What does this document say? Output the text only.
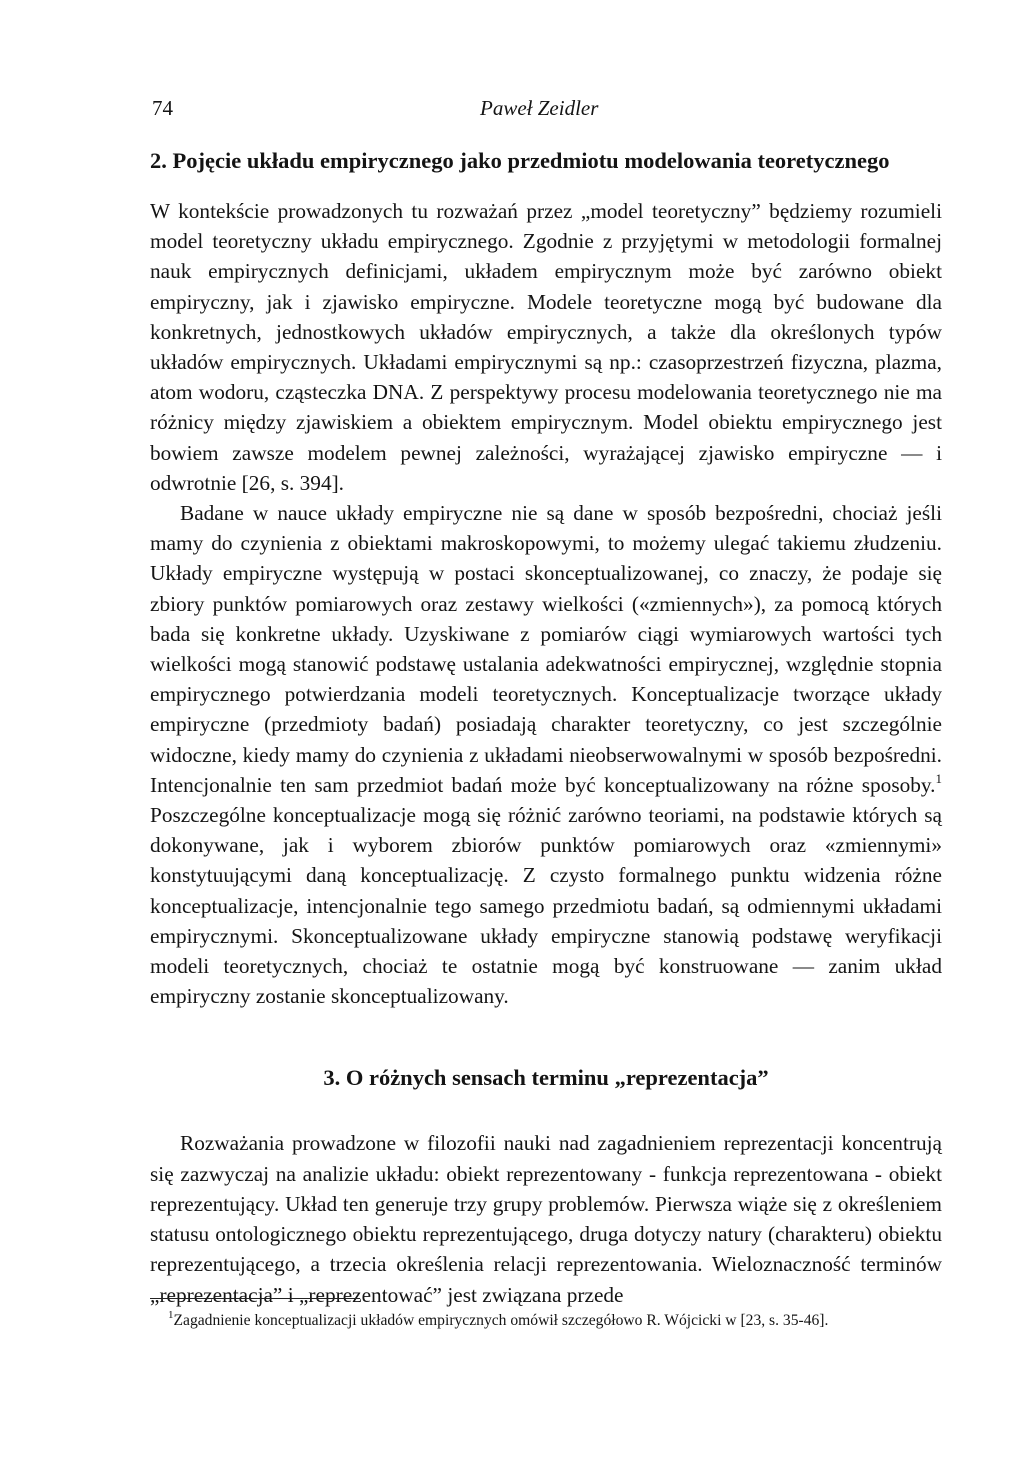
74	Paweł Zeidler
2. Pojęcie układu empirycznego jako przedmiotu modelowania teoretycznego

W kontekście prowadzonych tu rozważań przez „model teoretyczny” będziemy rozumieli model teoretyczny układu empirycznego. Zgodnie z przyjętymi w metodologii formalnej nauk empirycznych definicjami, układem empirycznym może być zarówno obiekt empiryczny, jak i zjawisko empiryczne. Modele teoretyczne mogą być budowane dla konkretnych, jednostkowych układów empirycznych, a także dla określonych typów układów empirycznych. Układami empirycznymi są np.: czasoprzestrzeń fizyczna, plazma, atom wodoru, cząsteczka DNA. Z perspektywy procesu modelowania teoretycznego nie ma różnicy między zjawiskiem a obiektem empirycznym. Model obiektu empirycznego jest bowiem zawsze modelem pewnej zależności, wyrażającej zjawisko empiryczne — i odwrotnie [26, s. 394].

Badane w nauce układy empiryczne nie są dane w sposób bezpośredni, chociaż jeśli mamy do czynienia z obiektami makroskopowymi, to możemy ulegać takiemu złudzeniu. Układy empiryczne występują w postaci skonceptualizowanej, co znaczy, że podaje się zbiory punktów pomiarowych oraz zestawy wielkości («zmiennych»), za pomocą których bada się konkretne układy. Uzyskiwane z pomiarów ciągi wymiarowych wartości tych wielkości mogą stanowić podstawę ustalania adekwatności empirycznej, względnie stopnia empirycznego potwierdzania modeli teoretycznych. Konceptualizacje tworzące układy empiryczne (przedmioty badań) posiadają charakter teoretyczny, co jest szczególnie widoczne, kiedy mamy do czynienia z układami nieobserwowalnymi w sposób bezpośredni. Intencjonalnie ten sam przedmiot badań może być konceptualizowany na różne sposoby.$^1$ Poszczególne konceptualizacje mogą się różnić zarówno teoriami, na podstawie których są dokonywane, jak i wyborem zbiorów punktów pomiarowych oraz «zmiennymi» konstytuującymi daną konceptualizację. Z czysto formalnego punktu widzenia różne konceptualizacje, intencjonalnie tego samego przedmiotu badań, są odmiennymi układami empirycznymi. Skonceptualizowane układy empiryczne stanowią podstawę weryfikacji modeli teoretycznych, chociaż te ostatnie mogą być konstruowane — zanim układ empiryczny zostanie skonceptualizowany.

3. O różnych sensach terminu „reprezentacja”

Rozważania prowadzone w filozofii nauki nad zagadnieniem reprezentacji koncentrują się zazwyczaj na analizie układu: obiekt reprezentowany - funkcja reprezentowana - obiekt reprezentujący. Układ ten generuje trzy grupy problemów. Pierwsza wiąże się z określeniem statusu ontologicznego obiektu reprezentującego, druga dotyczy natury (charakteru) obiektu reprezentującego, a trzecia określenia relacji reprezentowania. Wieloznaczność terminów „reprezentacja” i „reprezentować” jest związana przede

$^1$Zagadnienie konceptualizacji układów empirycznych omówił szczegółowo R. Wójcicki w [23, s. 35-46].
